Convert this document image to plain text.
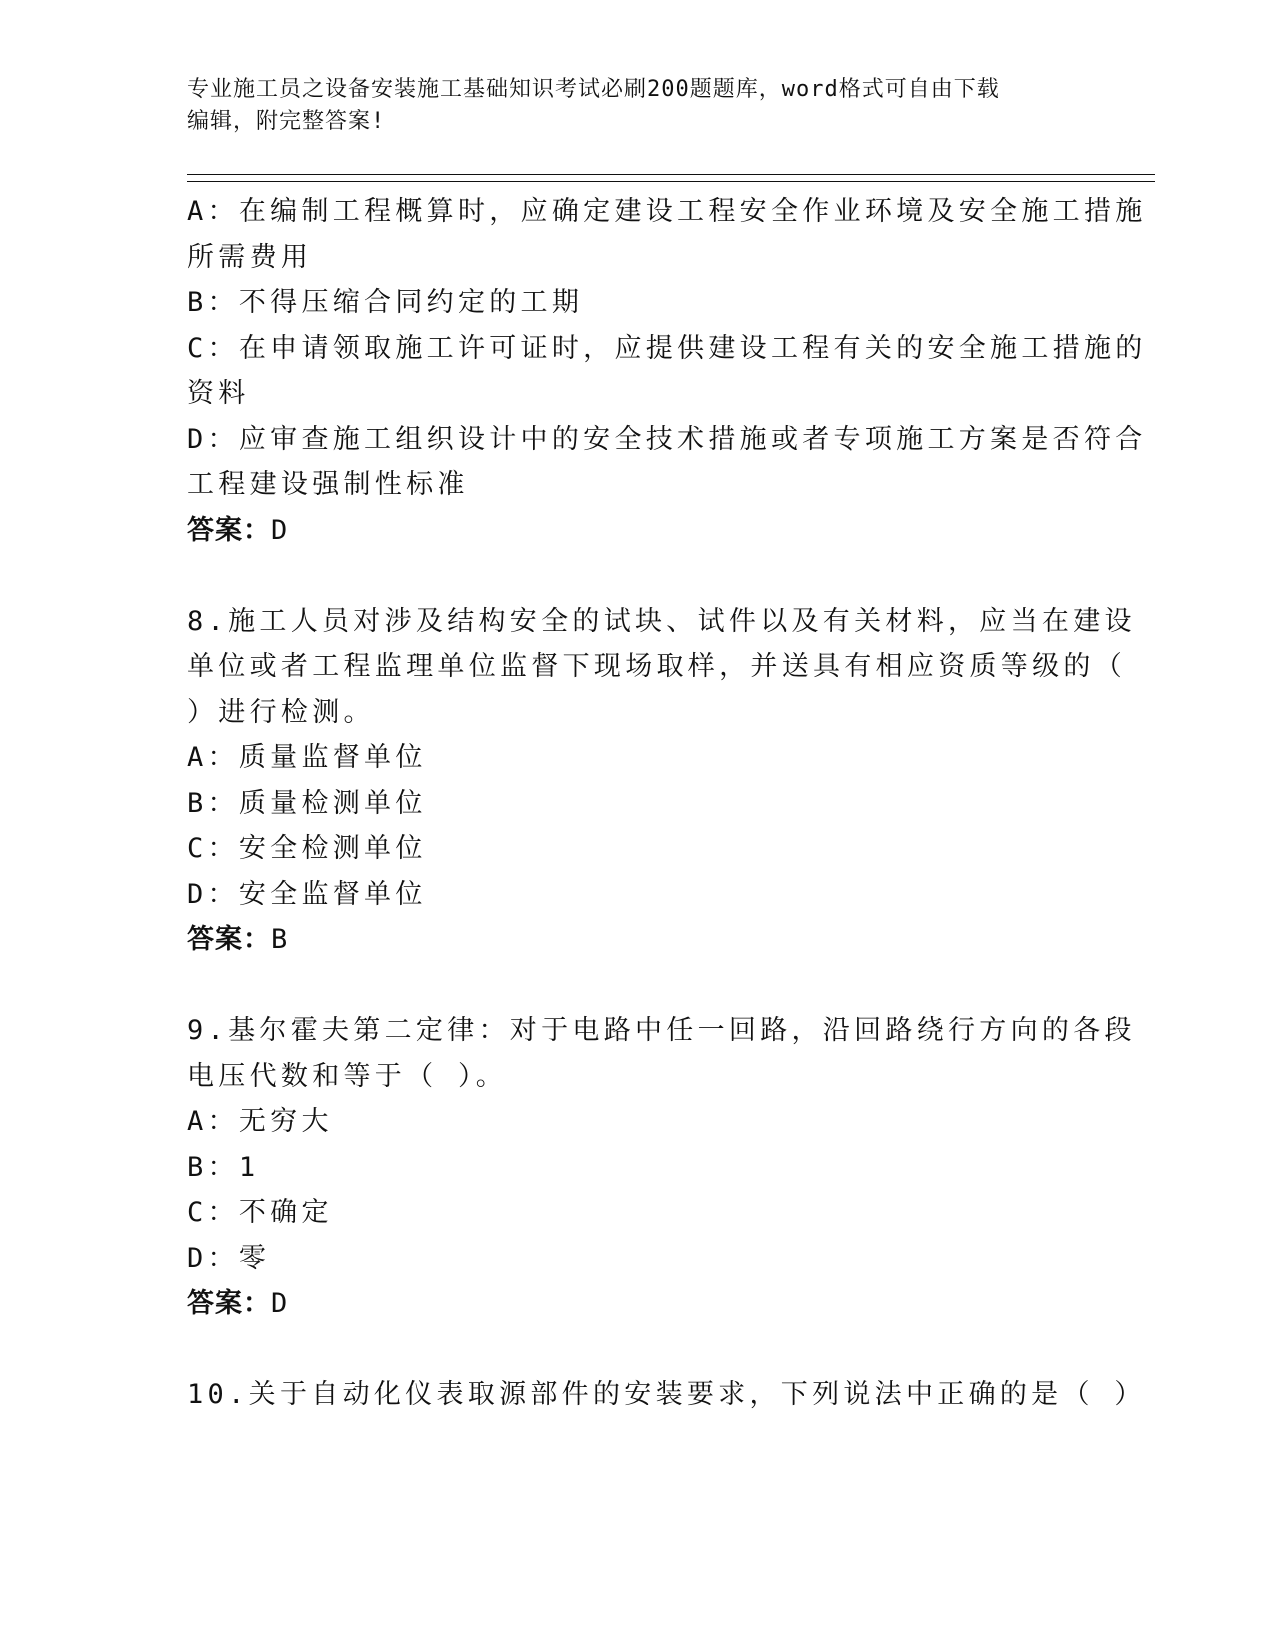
专业施工员之设备安装施工基础知识考试必刷200题题库，word格式可自由下载
编辑，附完整答案!
A：在编制工程概算时，应确定建设工程安全作业环境及安全施工措施
所需费用
B：不得压缩合同约定的工期
C：在申请领取施工许可证时，应提供建设工程有关的安全施工措施的
资料
D：应审查施工组织设计中的安全技术措施或者专项施工方案是否符合
工程建设强制性标准
答案：D
8.施工人员对涉及结构安全的试块、试件以及有关材料，应当在建设
单位或者工程监理单位监督下现场取样，并送具有相应资质等级的（
）进行检测。
A：质量监督单位
B：质量检测单位
C：安全检测单位
D：安全监督单位
答案：B
9.基尔霍夫第二定律：对于电路中任一回路，沿回路绕行方向的各段
电压代数和等于（ ）。
A：无穷大
B：1
C：不确定
D：零
答案：D
10.关于自动化仪表取源部件的安装要求，下列说法中正确的是（ ）
